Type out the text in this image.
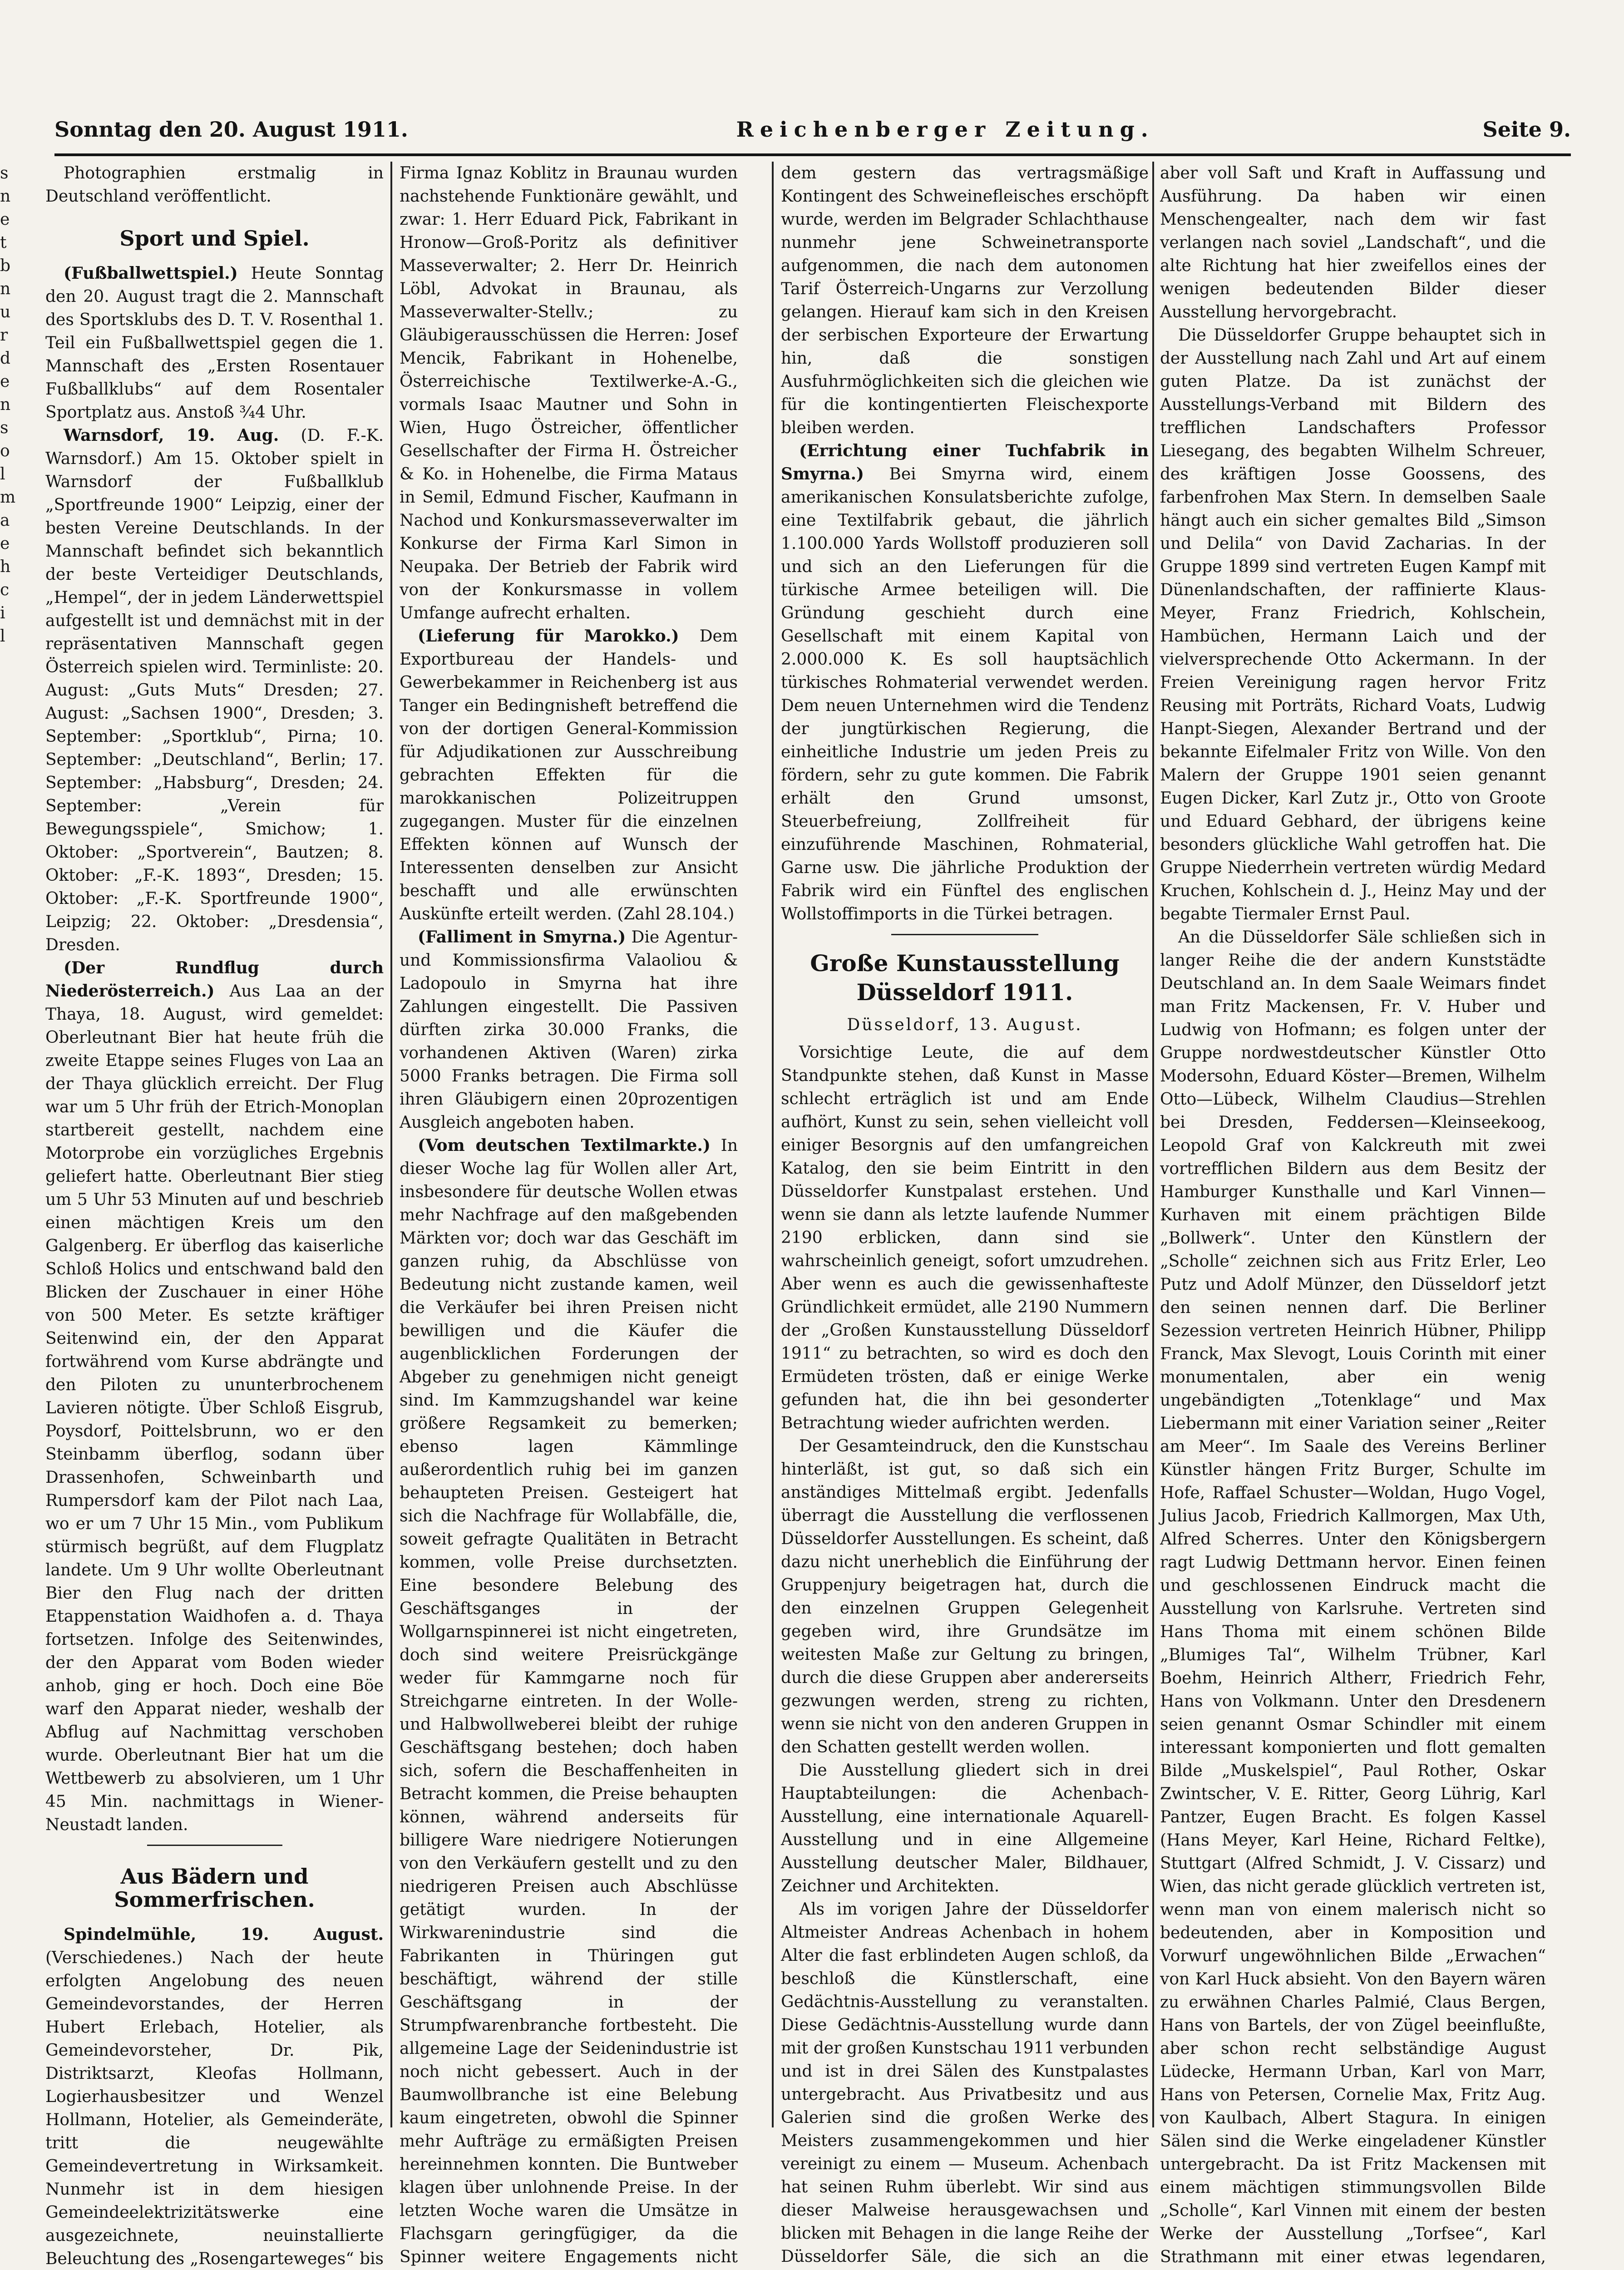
Sonntag den 20. August 1911.	Reichenberger Zeitung.	Seite 9.
s
n
e
t
b
n
u
r
d
e
n
s
o
l
m
a
e
h
c
i
l

Photographien erstmalig in Deutschland veröffentlicht.

Sport und Spiel.

(Fußballwettspiel.) Heute Sonntag den 20. August tragt die 2. Mannschaft des Sportsklubs des D. T. V. Rosenthal 1. Teil ein Fußballwettspiel gegen die 1. Mannschaft des „Ersten Rosentauer Fußballklubs“ auf dem Rosentaler Sportplatz aus. Anstoß ¾4 Uhr.

Warnsdorf, 19. Aug. (D. F.-K. Warnsdorf.) Am 15. Oktober spielt in Warnsdorf der Fußballklub „Sportfreunde 1900“ Leipzig, einer der besten Vereine Deutschlands. In der Mannschaft befindet sich bekanntlich der beste Verteidiger Deutschlands, „Hempel“, der in jedem Länderwettspiel aufgestellt ist und demnächst mit in der repräsentativen Mannschaft gegen Österreich spielen wird. Terminliste: 20. August: „Guts Muts“ Dresden; 27. August: „Sachsen 1900“, Dresden; 3. September: „Sportklub“, Pirna; 10. September: „Deutschland“, Berlin; 17. September: „Habsburg“, Dresden; 24. September: „Verein für Bewegungsspiele“, Smichow; 1. Oktober: „Sportverein“, Bautzen; 8. Oktober: „F.-K. 1893“, Dresden; 15. Oktober: „F.-K. Sportfreunde 1900“, Leipzig; 22. Oktober: „Dresdensia“, Dresden.

(Der Rundflug durch Niederösterreich.) Aus Laa an der Thaya, 18. August, wird gemeldet: Oberleutnant Bier hat heute früh die zweite Etappe seines Fluges von Laa an der Thaya glücklich erreicht. Der Flug war um 5 Uhr früh der Etrich-Monoplan startbereit gestellt, nachdem eine Motorprobe ein vorzügliches Ergebnis geliefert hatte. Oberleutnant Bier stieg um 5 Uhr 53 Minuten auf und beschrieb einen mächtigen Kreis um den Galgenberg. Er überflog das kaiserliche Schloß Holics und entschwand bald den Blicken der Zuschauer in einer Höhe von 500 Meter. Es setzte kräftiger Seitenwind ein, der den Apparat fortwährend vom Kurse abdrängte und den Piloten zu ununterbrochenem Lavieren nötigte. Über Schloß Eisgrub, Poysdorf, Poittelsbrunn, wo er den Steinbamm überflog, sodann über Drassenhofen, Schweinbarth und Rumpersdorf kam der Pilot nach Laa, wo er um 7 Uhr 15 Min., vom Publikum stürmisch begrüßt, auf dem Flugplatz landete. Um 9 Uhr wollte Oberleutnant Bier den Flug nach der dritten Etappenstation Waidhofen a. d. Thaya fortsetzen. Infolge des Seitenwindes, der den Apparat vom Boden wieder anhob, ging er hoch. Doch eine Böe warf den Apparat nieder, weshalb der Abflug auf Nachmittag verschoben wurde. Oberleutnant Bier hat um die Wettbewerb zu absolvieren, um 1 Uhr 45 Min. nachmittags in Wiener-Neustadt landen.

Aus Bädern und Sommerfrischen.

Spindelmühle, 19. August. (Verschiedenes.) Nach der heute erfolgten Angelobung des neuen Gemeindevorstandes, der Herren Hubert Erlebach, Hotelier, als Gemeindevorsteher, Dr. Pik, Distriktsarzt, Kleofas Hollmann, Logierhausbesitzer und Wenzel Hollmann, Hotelier, als Gemeinderäte, tritt die neugewählte Gemeindevertretung in Wirksamkeit. Nunmehr ist in dem hiesigen Gemeindeelektrizitätswerke eine ausgezeichnete, neuinstallierte Beleuchtung des „Rosengarteweges“ bis

Firma Ignaz Koblitz in Braunau wurden nachstehende Funktionäre gewählt, und zwar: 1. Herr Eduard Pick, Fabrikant in Hronow—Groß-Poritz als definitiver Masseverwalter; 2. Herr Dr. Heinrich Löbl, Advokat in Braunau, als Masseverwalter-Stellv.; zu Gläubigerausschüssen die Herren: Josef Mencik, Fabrikant in Hohenelbe, Österreichische Textilwerke-A.-G., vormals Isaac Mautner und Sohn in Wien, Hugo Östreicher, öffentlicher Gesellschafter der Firma H. Östreicher & Ko. in Hohenelbe, die Firma Mataus in Semil, Edmund Fischer, Kaufmann in Nachod und Konkursmasseverwalter im Konkurse der Firma Karl Simon in Neupaka. Der Betrieb der Fabrik wird von der Konkursmasse in vollem Umfange aufrecht erhalten.

(Lieferung für Marokko.) Dem Exportbureau der Handels- und Gewerbekammer in Reichenberg ist aus Tanger ein Bedingnisheft betreffend die von der dortigen General-Kommission für Adjudikationen zur Ausschreibung gebrachten Effekten für die marokkanischen Polizeitruppen zugegangen. Muster für die einzelnen Effekten können auf Wunsch der Interessenten denselben zur Ansicht beschafft und alle erwünschten Auskünfte erteilt werden. (Zahl 28.104.)

(Falliment in Smyrna.) Die Agentur- und Kommissionsfirma Valaoliou & Ladopoulo in Smyrna hat ihre Zahlungen eingestellt. Die Passiven dürften zirka 30.000 Franks, die vorhandenen Aktiven (Waren) zirka 5000 Franks betragen. Die Firma soll ihren Gläubigern einen 20prozentigen Ausgleich angeboten haben.

(Vom deutschen Textilmarkte.) In dieser Woche lag für Wollen aller Art, insbesondere für deutsche Wollen etwas mehr Nachfrage auf den maßgebenden Märkten vor; doch war das Geschäft im ganzen ruhig, da Abschlüsse von Bedeutung nicht zustande kamen, weil die Verkäufer bei ihren Preisen nicht bewilligen und die Käufer die augenblicklichen Forderungen der Abgeber zu genehmigen nicht geneigt sind. Im Kammzugshandel war keine größere Regsamkeit zu bemerken; ebenso lagen Kämmlinge außerordentlich ruhig bei im ganzen behaupteten Preisen. Gesteigert hat sich die Nachfrage für Wollabfälle, die, soweit gefragte Qualitäten in Betracht kommen, volle Preise durchsetzten. Eine besondere Belebung des Geschäftsganges in der Wollgarnspinnerei ist nicht eingetreten, doch sind weitere Preisrückgänge weder für Kammgarne noch für Streichgarne eintreten. In der Wolle- und Halbwollweberei bleibt der ruhige Geschäftsgang bestehen; doch haben sich, sofern die Beschaffenheiten in Betracht kommen, die Preise behaupten können, während anderseits für billigere Ware niedrigere Notierungen von den Verkäufern gestellt und zu den niedrigeren Preisen auch Abschlüsse getätigt wurden. In der Wirkwarenindustrie sind die Fabrikanten in Thüringen gut beschäftigt, während der stille Geschäftsgang in der Strumpfwarenbranche fortbesteht. Die allgemeine Lage der Seidenindustrie ist noch nicht gebessert. Auch in der Baumwollbranche ist eine Belebung kaum eingetreten, obwohl die Spinner mehr Aufträge zu ermäßigten Preisen hereinnehmen konnten. Die Buntweber klagen über unlohnende Preise. In der letzten Woche waren die Umsätze in Flachsgarn geringfügiger, da die Spinner weitere Engagements nicht

dem gestern das vertragsmäßige Kontingent des Schweinefleisches erschöpft wurde, werden im Belgrader Schlachthause nunmehr jene Schweinetransporte aufgenommen, die nach dem autonomen Tarif Österreich-Ungarns zur Verzollung gelangen. Hierauf kam sich in den Kreisen der serbischen Exporteure der Erwartung hin, daß die sonstigen Ausfuhrmöglichkeiten sich die gleichen wie für die kontingentierten Fleischexporte bleiben werden.

(Errichtung einer Tuchfabrik in Smyrna.) Bei Smyrna wird, einem amerikanischen Konsulatsberichte zufolge, eine Textilfabrik gebaut, die jährlich 1.100.000 Yards Wollstoff produzieren soll und sich an den Lieferungen für die türkische Armee beteiligen will. Die Gründung geschieht durch eine Gesellschaft mit einem Kapital von 2.000.000 K. Es soll hauptsächlich türkisches Rohmaterial verwendet werden. Dem neuen Unternehmen wird die Tendenz der jungtürkischen Regierung, die einheitliche Industrie um jeden Preis zu fördern, sehr zu gute kommen. Die Fabrik erhält den Grund umsonst, Steuerbefreiung, Zollfreiheit für einzuführende Maschinen, Rohmaterial, Garne usw. Die jährliche Produktion der Fabrik wird ein Fünftel des englischen Wollstoffimports in die Türkei betragen.

Große Kunstausstellung Düsseldorf 1911.
Düsseldorf, 13. August.

Vorsichtige Leute, die auf dem Standpunkte stehen, daß Kunst in Masse schlecht erträglich ist und am Ende aufhört, Kunst zu sein, sehen vielleicht voll einiger Besorgnis auf den umfangreichen Katalog, den sie beim Eintritt in den Düsseldorfer Kunstpalast erstehen. Und wenn sie dann als letzte laufende Nummer 2190 erblicken, dann sind sie wahrscheinlich geneigt, sofort umzudrehen. Aber wenn es auch die gewissenhafteste Gründlichkeit ermüdet, alle 2190 Nummern der „Großen Kunstausstellung Düsseldorf 1911“ zu betrachten, so wird es doch den Ermüdeten trösten, daß er einige Werke gefunden hat, die ihn bei gesonderter Betrachtung wieder aufrichten werden.

Der Gesamteindruck, den die Kunstschau hinterläßt, ist gut, so daß sich ein anständiges Mittelmaß ergibt. Jedenfalls überragt die Ausstellung die verflossenen Düsseldorfer Ausstellungen. Es scheint, daß dazu nicht unerheblich die Einführung der Gruppenjury beigetragen hat, durch die den einzelnen Gruppen Gelegenheit gegeben wird, ihre Grundsätze im weitesten Maße zur Geltung zu bringen, durch die diese Gruppen aber andererseits gezwungen werden, streng zu richten, wenn sie nicht von den anderen Gruppen in den Schatten gestellt werden wollen.

Die Ausstellung gliedert sich in drei Hauptabteilungen: die Achenbach-Ausstellung, eine internationale Aquarell-Ausstellung und in eine Allgemeine Ausstellung deutscher Maler, Bildhauer, Zeichner und Architekten.

Als im vorigen Jahre der Düsseldorfer Altmeister Andreas Achenbach in hohem Alter die fast erblindeten Augen schloß, da beschloß die Künstlerschaft, eine Gedächtnis-Ausstellung zu veranstalten. Diese Gedächtnis-Ausstellung wurde dann mit der großen Kunstschau 1911 verbunden und ist in drei Sälen des Kunstpalastes untergebracht. Aus Privatbesitz und aus Galerien sind die großen Werke des Meisters zusammengekommen und hier vereinigt zu einem — Museum. Achenbach hat seinen Ruhm überlebt. Wir sind aus dieser Malweise herausgewachsen und blicken mit Behagen in die lange Reihe der Düsseldorfer Säle, die sich an die

aber voll Saft und Kraft in Auffassung und Ausführung. Da haben wir einen Menschengealter, nach dem wir fast verlangen nach soviel „Landschaft“, und die alte Richtung hat hier zweifellos eines der wenigen bedeutenden Bilder dieser Ausstellung hervorgebracht.

Die Düsseldorfer Gruppe behauptet sich in der Ausstellung nach Zahl und Art auf einem guten Platze. Da ist zunächst der Ausstellungs-Verband mit Bildern des trefflichen Landschafters Professor Liesegang, des begabten Wilhelm Schreuer, des kräftigen Josse Goossens, des farbenfrohen Max Stern. In demselben Saale hängt auch ein sicher gemaltes Bild „Simson und Delila“ von David Zacharias. In der Gruppe 1899 sind vertreten Eugen Kampf mit Dünenlandschaften, der raffinierte Klaus-Meyer, Franz Friedrich, Kohlschein, Hambüchen, Hermann Laich und der vielversprechende Otto Ackermann. In der Freien Vereinigung ragen hervor Fritz Reusing mit Porträts, Richard Voats, Ludwig Hanpt-Siegen, Alexander Bertrand und der bekannte Eifelmaler Fritz von Wille. Von den Malern der Gruppe 1901 seien genannt Eugen Dicker, Karl Zutz jr., Otto von Groote und Eduard Gebhard, der übrigens keine besonders glückliche Wahl getroffen hat. Die Gruppe Niederrhein vertreten würdig Medard Kruchen, Kohlschein d. J., Heinz May und der begabte Tiermaler Ernst Paul.

An die Düsseldorfer Säle schließen sich in langer Reihe die der andern Kunststädte Deutschland an. In dem Saale Weimars findet man Fritz Mackensen, Fr. V. Huber und Ludwig von Hofmann; es folgen unter der Gruppe nordwestdeutscher Künstler Otto Modersohn, Eduard Köster—Bremen, Wilhelm Otto—Lübeck, Wilhelm Claudius—Strehlen bei Dresden, Feddersen—Kleinseekoog, Leopold Graf von Kalckreuth mit zwei vortrefflichen Bildern aus dem Besitz der Hamburger Kunsthalle und Karl Vinnen—Kurhaven mit einem prächtigen Bilde „Bollwerk“. Unter den Künstlern der „Scholle“ zeichnen sich aus Fritz Erler, Leo Putz und Adolf Münzer, den Düsseldorf jetzt den seinen nennen darf. Die Berliner Sezession vertreten Heinrich Hübner, Philipp Franck, Max Slevogt, Louis Corinth mit einer monumentalen, aber ein wenig ungebändigten „Totenklage“ und Max Liebermann mit einer Variation seiner „Reiter am Meer“. Im Saale des Vereins Berliner Künstler hängen Fritz Burger, Schulte im Hofe, Raffael Schuster—Woldan, Hugo Vogel, Julius Jacob, Friedrich Kallmorgen, Max Uth, Alfred Scherres. Unter den Königsbergern ragt Ludwig Dettmann hervor. Einen feinen und geschlossenen Eindruck macht die Ausstellung von Karlsruhe. Vertreten sind Hans Thoma mit einem schönen Bilde „Blumiges Tal“, Wilhelm Trübner, Karl Boehm, Heinrich Altherr, Friedrich Fehr, Hans von Volkmann. Unter den Dresdenern seien genannt Osmar Schindler mit einem interessant komponierten und flott gemalten Bilde „Muskelspiel“, Paul Rother, Oskar Zwintscher, V. E. Ritter, Georg Lührig, Karl Pantzer, Eugen Bracht. Es folgen Kassel (Hans Meyer, Karl Heine, Richard Feltke), Stuttgart (Alfred Schmidt, J. V. Cissarz) und Wien, das nicht gerade glücklich vertreten ist, wenn man von einem malerisch nicht so bedeutenden, aber in Komposition und Vorwurf ungewöhnlichen Bilde „Erwachen“ von Karl Huck absieht. Von den Bayern wären zu erwähnen Charles Palmié, Claus Bergen, Hans von Bartels, der von Zügel beeinflußte, aber schon recht selbständige August Lüdecke, Hermann Urban, Karl von Marr, Hans von Petersen, Cornelie Max, Fritz Aug. von Kaulbach, Albert Stagura. In einigen Sälen sind die Werke eingeladener Künstler untergebracht. Da ist Fritz Mackensen mit einem mächtigen stimmungsvollen Bilde „Scholle“, Karl Vinnen mit einem der besten Werke der Ausstellung „Torfsee“, Karl Strathmann mit einer etwas legendaren,
